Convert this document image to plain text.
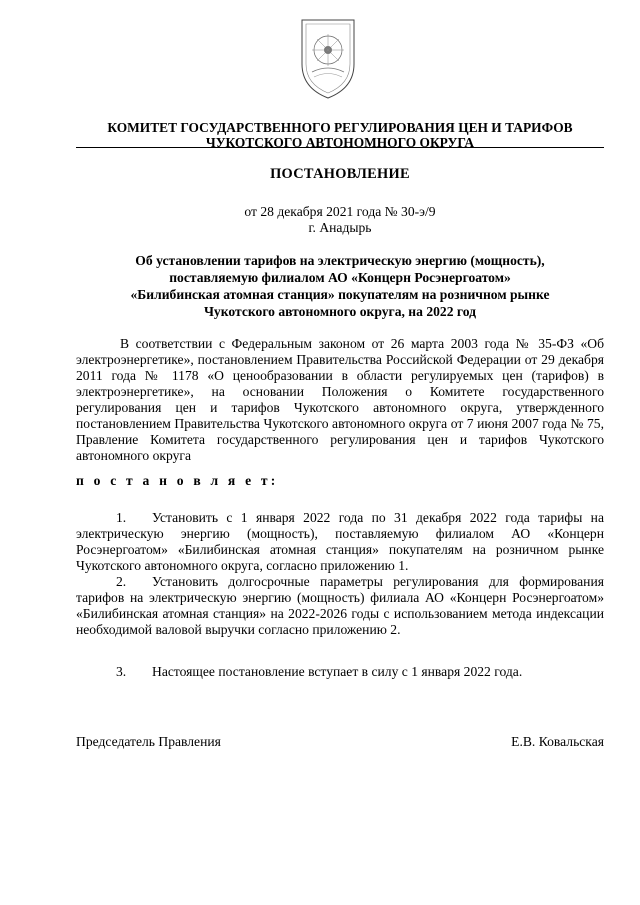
КОМИТЕТ ГОСУДАРСТВЕННОГО РЕГУЛИРОВАНИЯ ЦЕН И ТАРИФОВ
ЧУКОТСКОГО АВТОНОМНОГО ОКРУГА
ПОСТАНОВЛЕНИЕ
от 28 декабря 2021 года № 30-э/9
г. Анадырь
Об установлении тарифов на электрическую энергию (мощность),
поставляемую филиалом АО «Концерн Росэнергоатом»
«Билибинская атомная станция» покупателям на розничном рынке
Чукотского автономного округа, на 2022 год
В соответствии с Федеральным законом от 26 марта 2003 года № 35-ФЗ «Об электроэнергетике», постановлением Правительства Российской Федерации от 29 декабря 2011 года № 1178 «О ценообразовании в области регулируемых цен (тарифов) в электроэнергетике», на основании Положения о Комитете государственного регулирования цен и тарифов Чукотского автономного округа, утвержденного постановлением Правительства Чукотского автономного округа от 7 июня 2007 года № 75, Правление Комитета государственного регулирования цен и тарифов Чукотского автономного округа
п о с т а н о в л я е т:
1. Установить с 1 января 2022 года по 31 декабря 2022 года тарифы на электрическую энергию (мощность), поставляемую филиалом АО «Концерн Росэнергоатом» «Билибинская атомная станция» покупателям на розничном рынке Чукотского автономного округа, согласно приложению 1.
2. Установить долгосрочные параметры регулирования для формирования тарифов на электрическую энергию (мощность) филиала АО «Концерн Росэнергоатом» «Билибинская атомная станция» на 2022-2026 годы с использованием метода индексации необходимой валовой выручки согласно приложению 2.
3. Настоящее постановление вступает в силу с 1 января 2022 года.
Председатель Правления	Е.В. Ковальская
